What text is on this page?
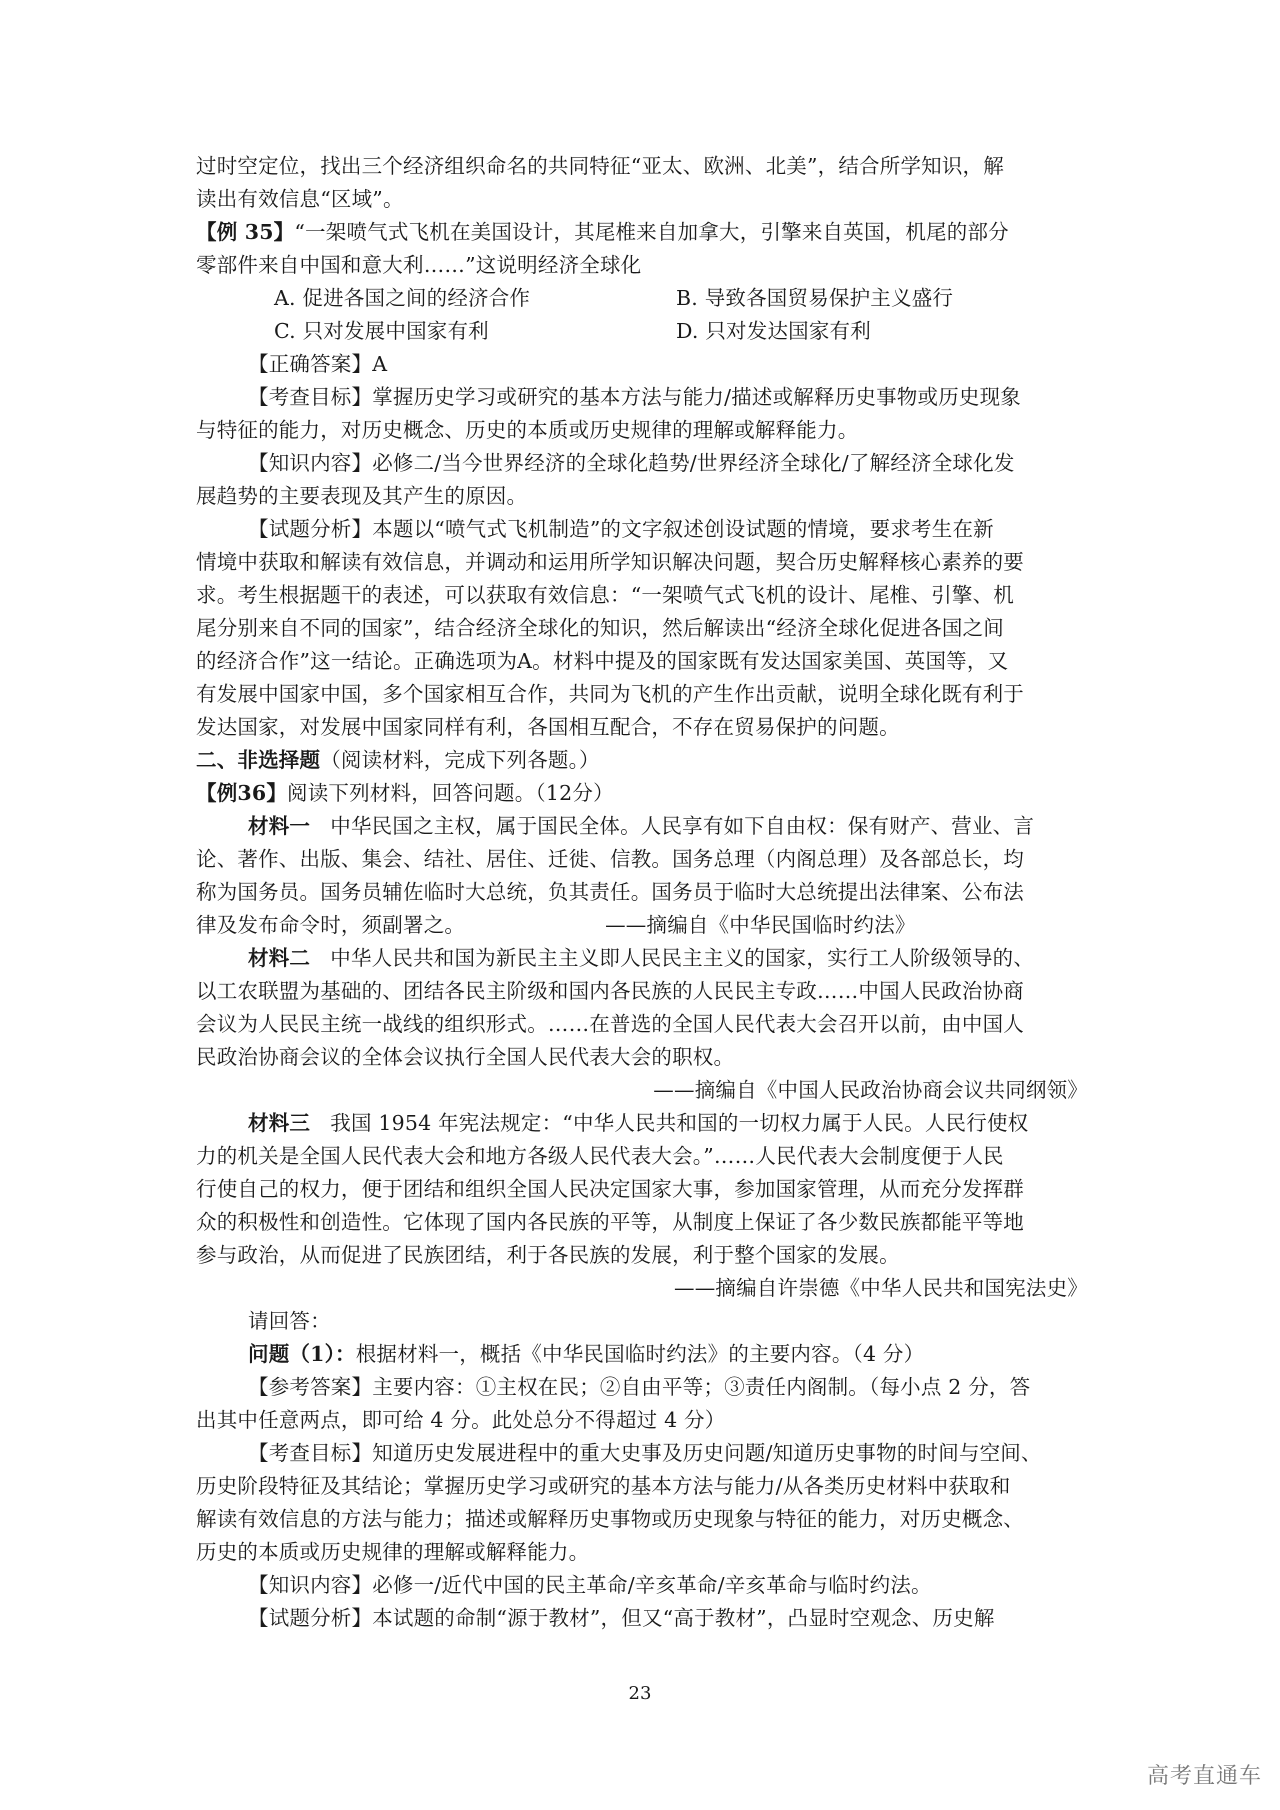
过时空定位，找出三个经济组织命名的共同特征“亚太、欧洲、北美”，结合所学知识，解
读出有效信息“区域”。
【例 35】“一架喷气式飞机在美国设计，其尾椎来自加拿大，引擎来自英国，机尾的部分
零部件来自中国和意大利……”这说明经济全球化
A. 促进各国之间的经济合作	B. 导致各国贸易保护主义盛行
C. 只对发展中国家有利	D. 只对发达国家有利
【正确答案】A
【考查目标】掌握历史学习或研究的基本方法与能力/描述或解释历史事物或历史现象
与特征的能力，对历史概念、历史的本质或历史规律的理解或解释能力。
【知识内容】必修二/当今世界经济的全球化趋势/世界经济全球化/了解经济全球化发
展趋势的主要表现及其产生的原因。
【试题分析】本题以“喷气式飞机制造”的文字叙述创设试题的情境，要求考生在新
情境中获取和解读有效信息，并调动和运用所学知识解决问题，契合历史解释核心素养的要
求。考生根据题干的表述，可以获取有效信息：“一架喷气式飞机的设计、尾椎、引擎、机
尾分别来自不同的国家”，结合经济全球化的知识，然后解读出“经济全球化促进各国之间
的经济合作”这一结论。正确选项为A。材料中提及的国家既有发达国家美国、英国等，又
有发展中国家中国，多个国家相互合作，共同为飞机的产生作出贡献，说明全球化既有利于
发达国家，对发展中国家同样有利，各国相互配合，不存在贸易保护的问题。
二、非选择题（阅读材料，完成下列各题。）
【例36】阅读下列材料，回答问题。（12分）
材料一 中华民国之主权，属于国民全体。人民享有如下自由权：保有财产、营业、言
论、著作、出版、集会、结社、居住、迁徙、信教。国务总理（内阁总理）及各部总长，均
称为国务员。国务员辅佐临时大总统，负其责任。国务员于临时大总统提出法律案、公布法
律及发布命令时，须副署之。	——摘编自《中华民国临时约法》
材料二 中华人民共和国为新民主主义即人民民主主义的国家，实行工人阶级领导的、
以工农联盟为基础的、团结各民主阶级和国内各民族的人民民主专政……中国人民政治协商
会议为人民民主统一战线的组织形式。……在普选的全国人民代表大会召开以前，由中国人
民政治协商会议的全体会议执行全国人民代表大会的职权。
——摘编自《中国人民政治协商会议共同纲领》
材料三 我国 1954 年宪法规定：“中华人民共和国的一切权力属于人民。人民行使权
力的机关是全国人民代表大会和地方各级人民代表大会。”……人民代表大会制度便于人民
行使自己的权力，便于团结和组织全国人民决定国家大事，参加国家管理，从而充分发挥群
众的积极性和创造性。它体现了国内各民族的平等，从制度上保证了各少数民族都能平等地
参与政治，从而促进了民族团结，利于各民族的发展，利于整个国家的发展。
——摘编自许崇德《中华人民共和国宪法史》
请回答：
问题（1）：根据材料一，概括《中华民国临时约法》的主要内容。（4 分）
【参考答案】主要内容：①主权在民；②自由平等；③责任内阁制。（每小点 2 分，答
出其中任意两点，即可给 4 分。此处总分不得超过 4 分）
【考查目标】知道历史发展进程中的重大史事及历史问题/知道历史事物的时间与空间、
历史阶段特征及其结论；掌握历史学习或研究的基本方法与能力/从各类历史材料中获取和
解读有效信息的方法与能力；描述或解释历史事物或历史现象与特征的能力，对历史概念、
历史的本质或历史规律的理解或解释能力。
【知识内容】必修一/近代中国的民主革命/辛亥革命/辛亥革命与临时约法。
【试题分析】本试题的命制“源于教材”，但又“高于教材”，凸显时空观念、历史解
23
高考直通车
